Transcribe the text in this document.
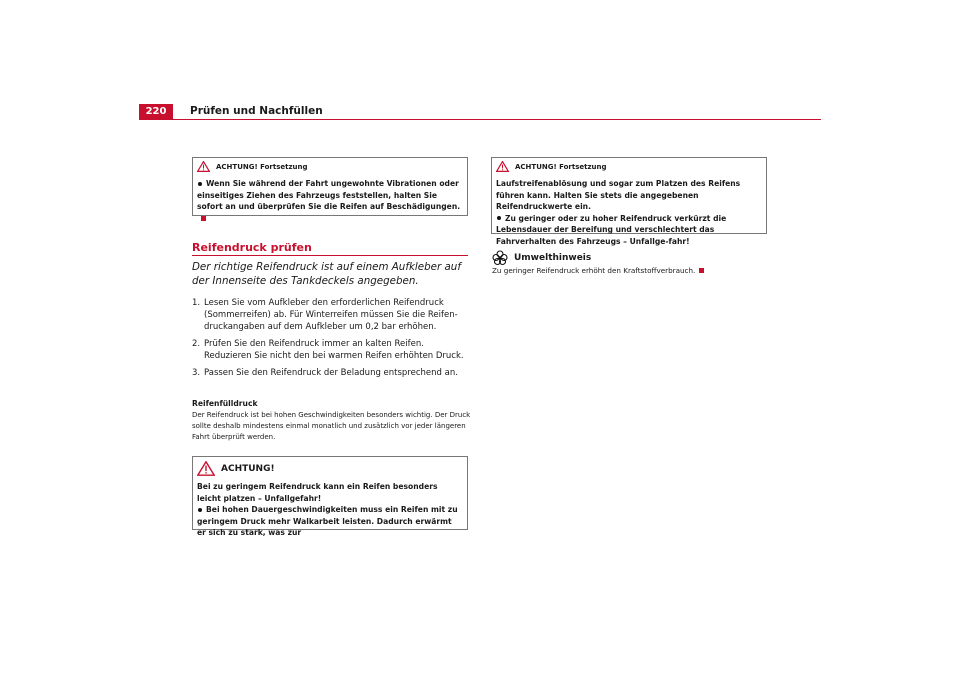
220	Prüfen und Nachfüllen
ACHTUNG! Fortsetzung

Wenn Sie während der Fahrt ungewohnte Vibrationen oder einseitiges Ziehen des Fahrzeugs feststellen, halten Sie sofort an und überprüfen Sie die Reifen auf Beschädigungen.

Reifendruck prüfen
Der richtige Reifendruck ist auf einem Aufkleber auf der Innenseite des Tankdeckels angegeben.
1. Lesen Sie vom Aufkleber den erforderlichen Reifendruck (Sommerreifen) ab. Für Winterreifen müssen Sie die Reifen-druckangaben auf dem Aufkleber um 0,2 bar erhöhen.
2. Prüfen Sie den Reifendruck immer an kalten Reifen. Reduzieren Sie nicht den bei warmen Reifen erhöhten Druck.
3. Passen Sie den Reifendruck der Beladung entsprechend an.
Reifenfülldruck
Der Reifendruck ist bei hohen Geschwindigkeiten besonders wichtig. Der Druck sollte deshalb mindestens einmal monatlich und zusätzlich vor jeder längeren Fahrt überprüft werden.
ACHTUNG!

Bei zu geringem Reifendruck kann ein Reifen besonders leicht platzen – Unfallgefahr!

Bei hohen Dauergeschwindigkeiten muss ein Reifen mit zu geringem Druck mehr Walkarbeit leisten. Dadurch erwärmt er sich zu stark, was zur

ACHTUNG! Fortsetzung

Laufstreifenablösung und sogar zum Platzen des Reifens führen kann. Halten Sie stets die angegebenen Reifendruckwerte ein.

Zu geringer oder zu hoher Reifendruck verkürzt die Lebensdauer der Bereifung und verschlechtert das Fahrverhalten des Fahrzeugs – Unfallge-fahr!

Umwelthinweis
Zu geringer Reifendruck erhöht den Kraftstoffverbrauch.
